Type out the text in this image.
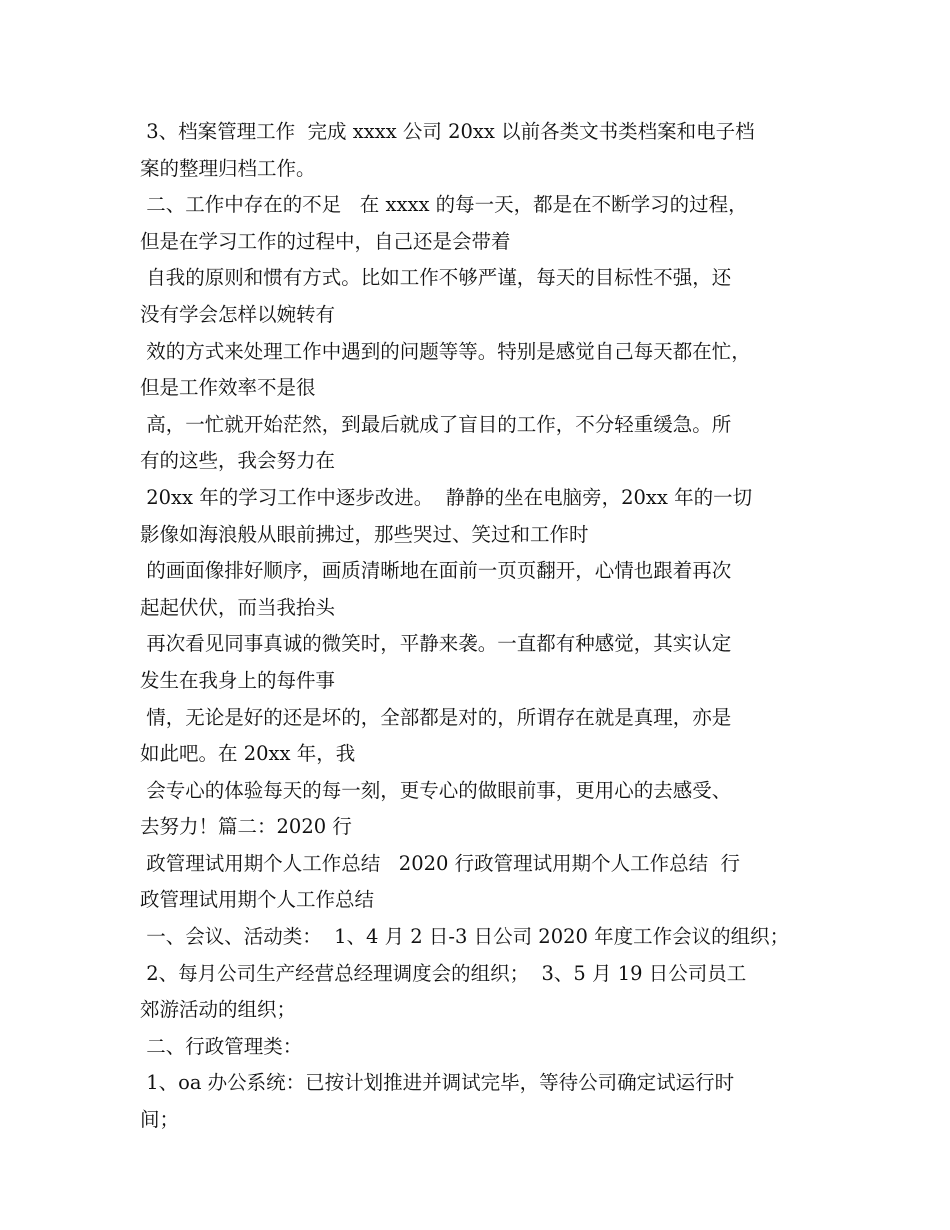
3、档案管理工作  完成 xxxx 公司 20xx 以前各类文书类档案和电子档
案的整理归档工作。
二、工作中存在的不足   在 xxxx 的每一天，都是在不断学习的过程，
但是在学习工作的过程中，自己还是会带着
自我的原则和惯有方式。比如工作不够严谨，每天的目标性不强，还
没有学会怎样以婉转有
效的方式来处理工作中遇到的问题等等。特别是感觉自己每天都在忙，
但是工作效率不是很
高，一忙就开始茫然，到最后就成了盲目的工作，不分轻重缓急。所
有的这些，我会努力在
20xx 年的学习工作中逐步改进。  静静的坐在电脑旁，20xx 年的一切
影像如海浪般从眼前拂过，那些哭过、笑过和工作时
的画面像排好顺序，画质清晰地在面前一页页翻开，心情也跟着再次
起起伏伏，而当我抬头
再次看见同事真诚的微笑时，平静来袭。一直都有种感觉，其实认定
发生在我身上的每件事
情，无论是好的还是坏的，全部都是对的，所谓存在就是真理，亦是
如此吧。在 20xx 年，我
会专心的体验每天的每一刻，更专心的做眼前事，更用心的去感受、
去努力！篇二：2020 行
政管理试用期个人工作总结   2020 行政管理试用期个人工作总结  行
政管理试用期个人工作总结
一、会议、活动类：  1、4 月 2 日-3 日公司 2020 年度工作会议的组织；
2、每月公司生产经营总经理调度会的组织；  3、5 月 19 日公司员工
郊游活动的组织；
二、行政管理类：
1、oa 办公系统：已按计划推进并调试完毕，等待公司确定试运行时
间；
